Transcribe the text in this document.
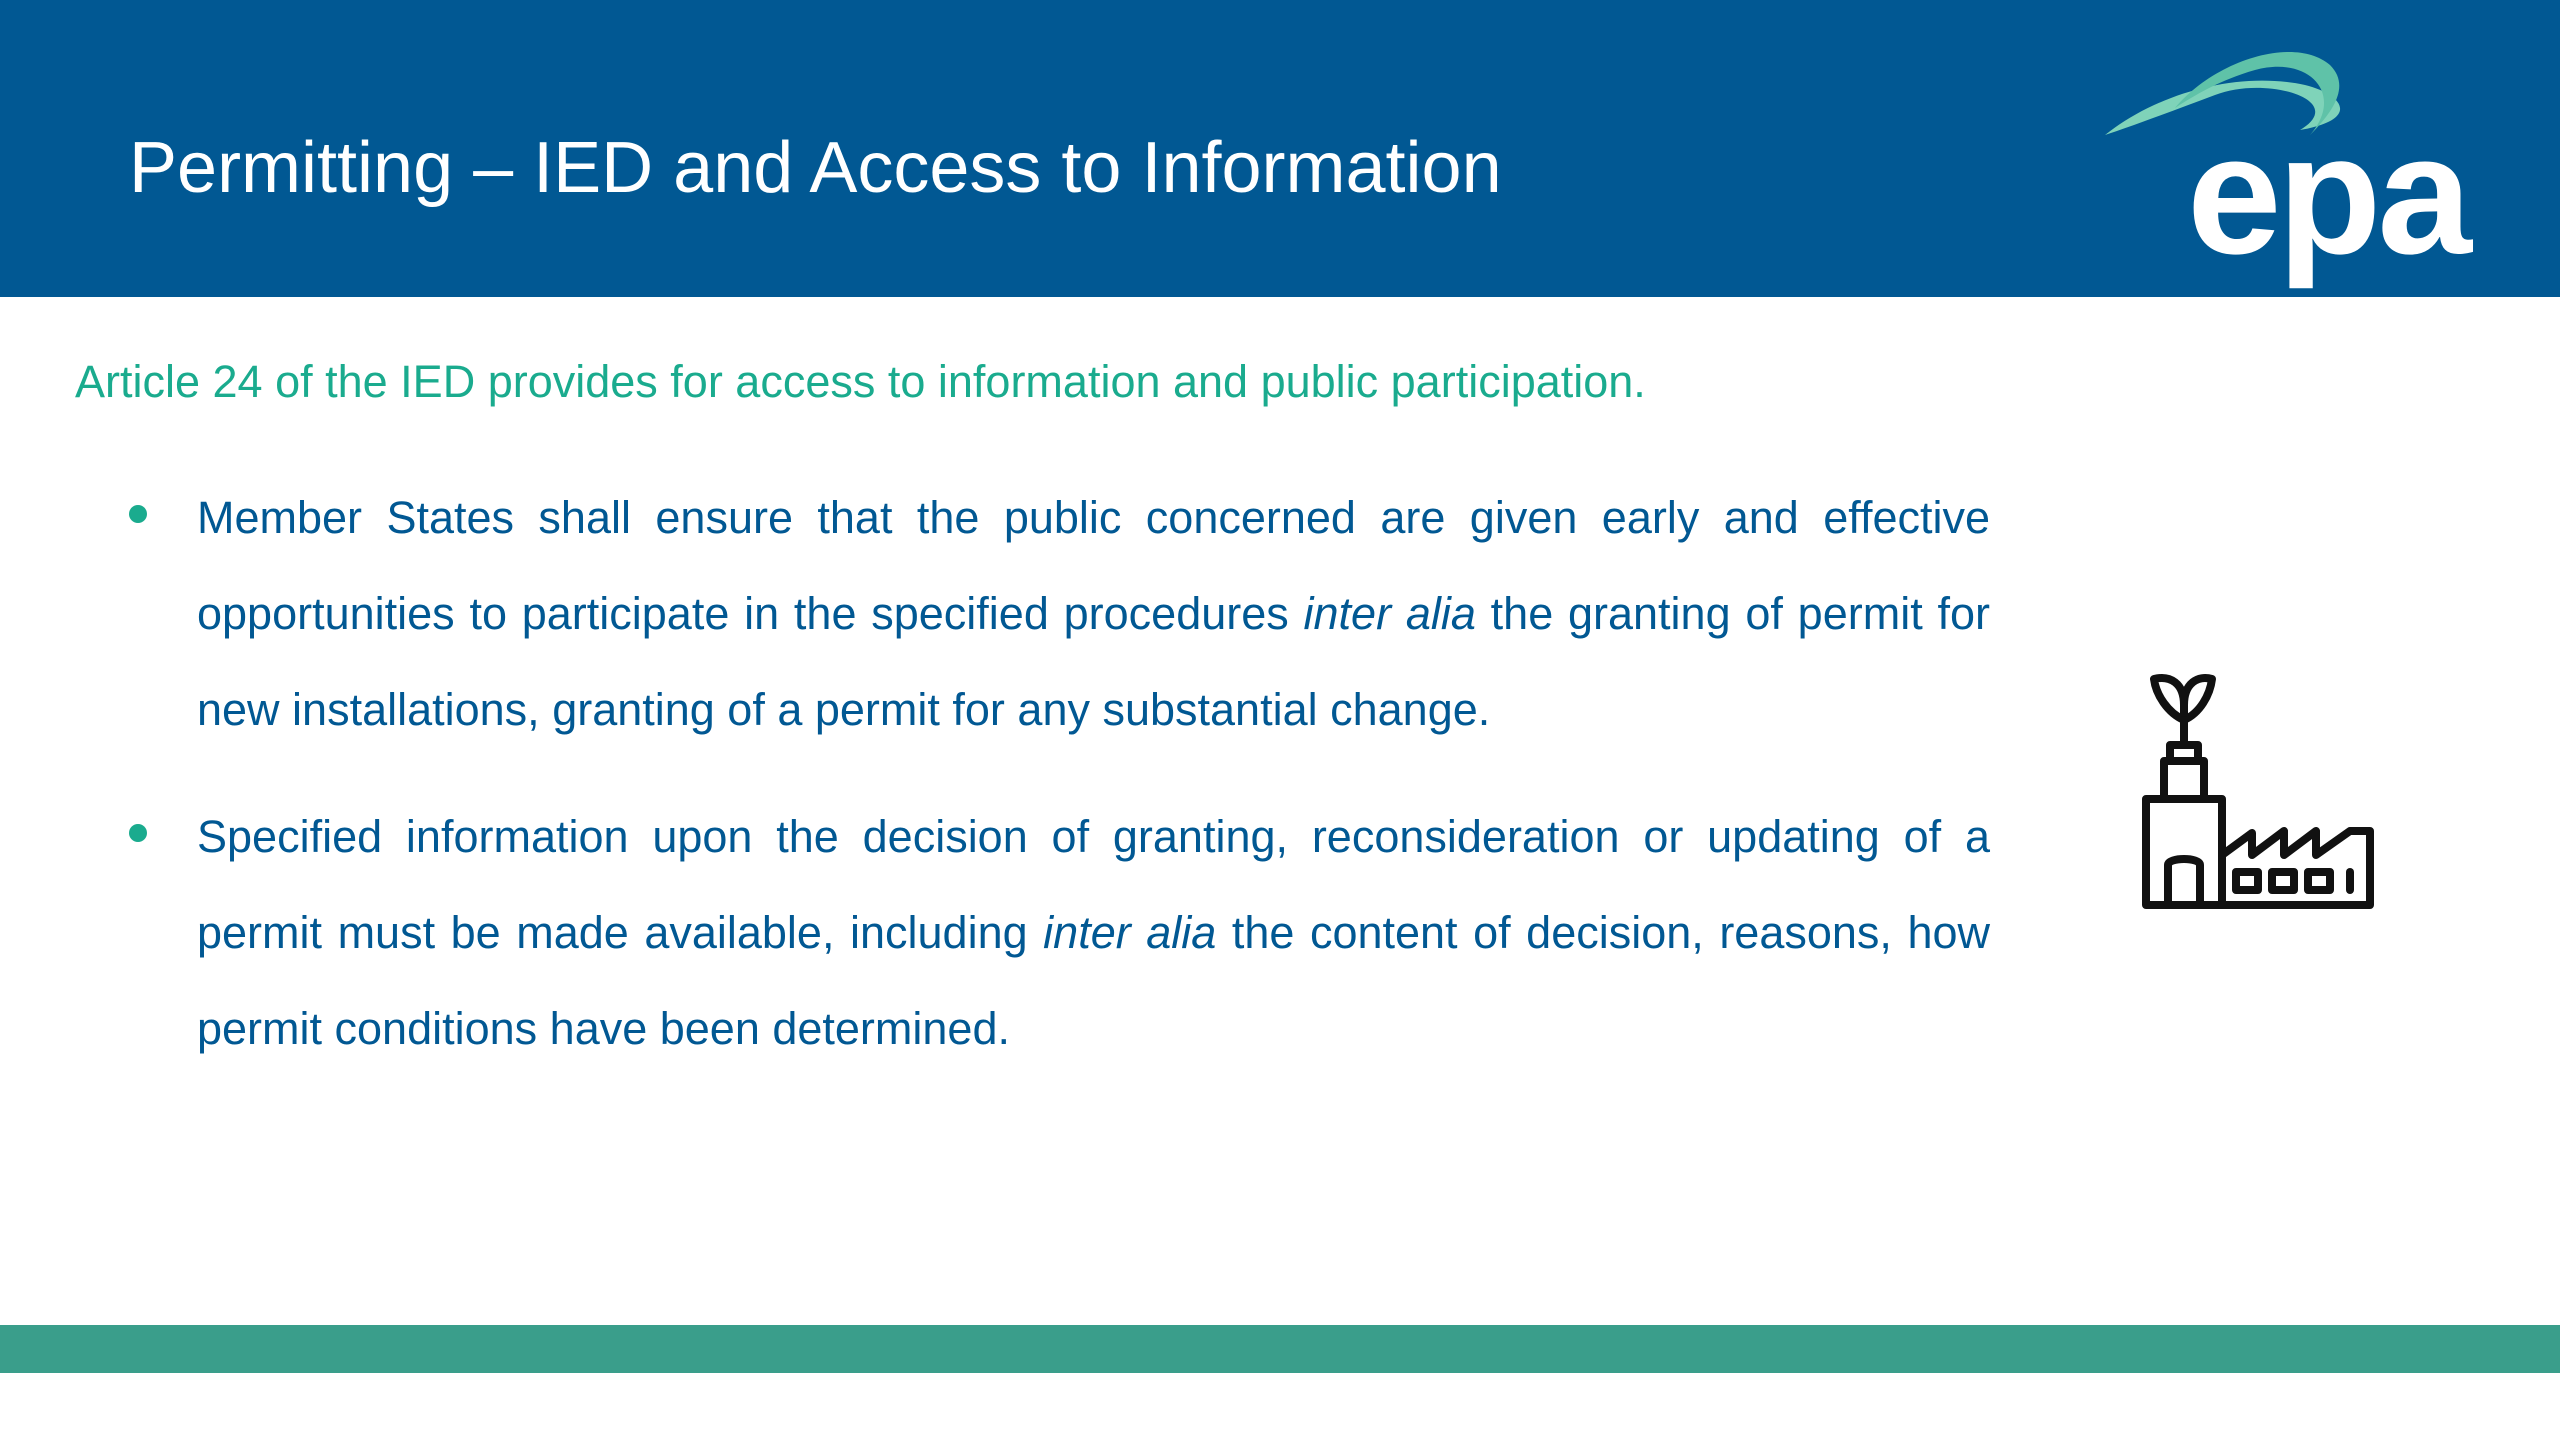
Permitting – IED and Access to Information	epa

Article 24 of the IED provides for access to information and public participation.

Member States shall ensure that the public concerned are given early and effective opportunities to participate in the specified procedures inter alia the granting of permit for new installations, granting of a permit for any substantial change.
Specified information upon the decision of granting, reconsideration or updating of a permit must be made available, including inter alia the content of decision, reasons, how permit conditions have been determined.
